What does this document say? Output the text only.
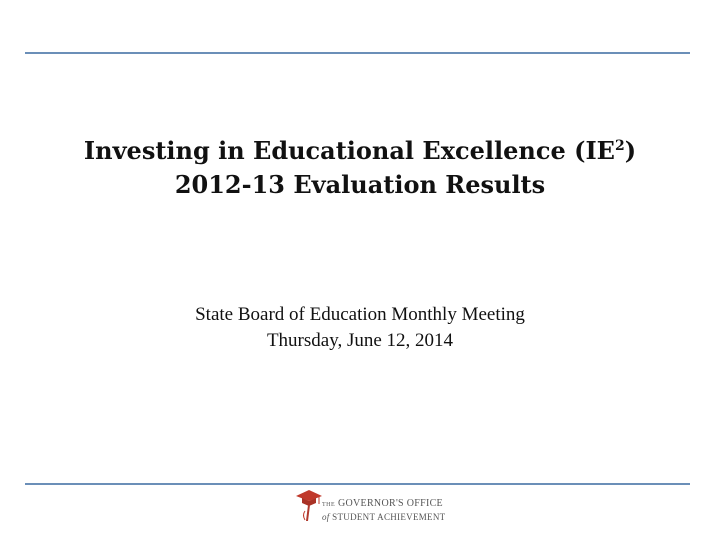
Investing in Educational Excellence $(IE^2)$
2012-13 Evaluation Results
State Board of Education Monthly Meeting
Thursday, June 12, 2014
THE GOVERNOR'S OFFICE
of STUDENT ACHIEVEMENT
